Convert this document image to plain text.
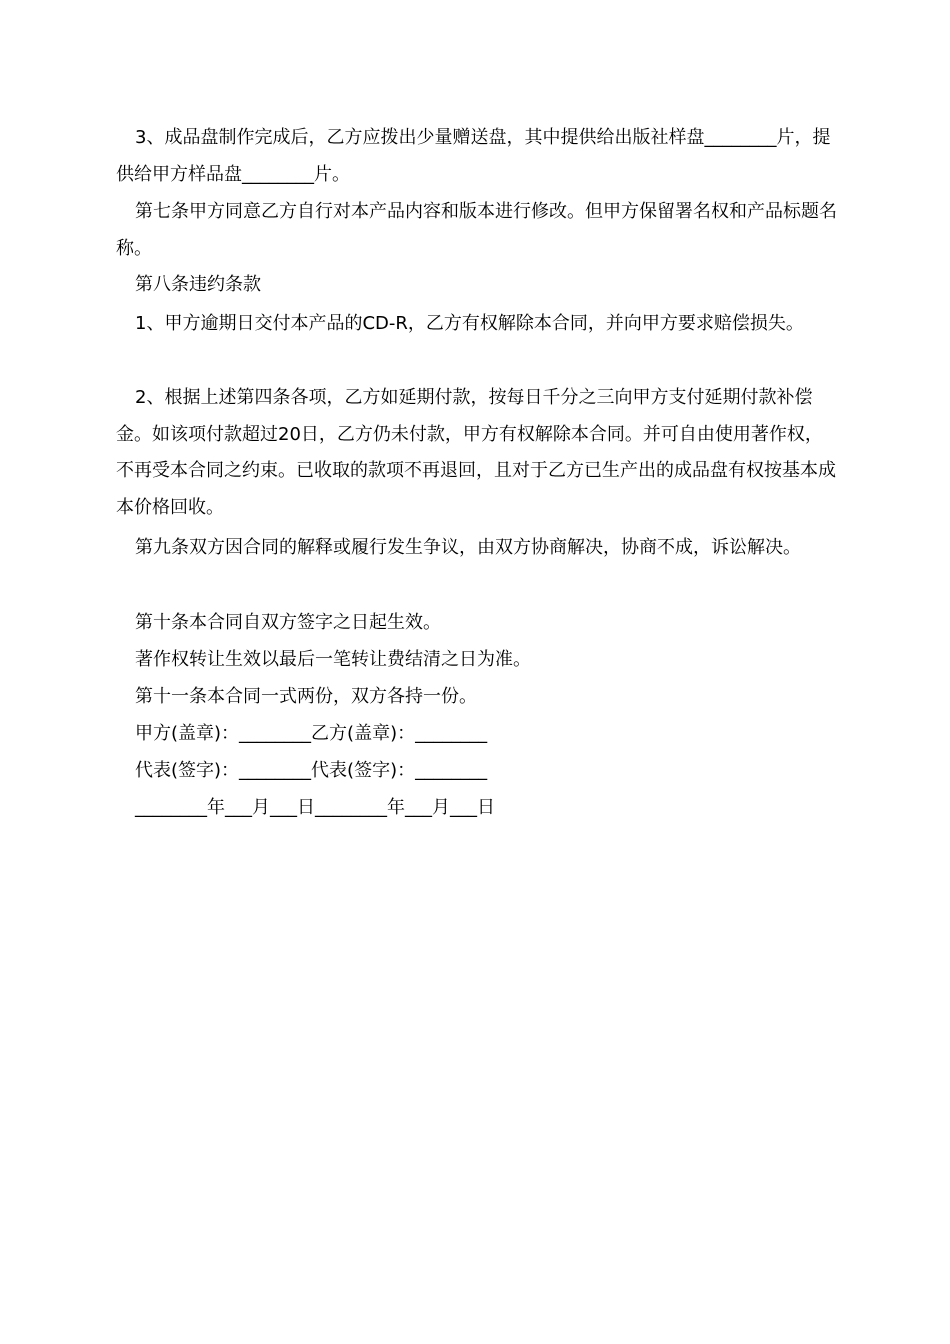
3、成品盘制作完成后，乙方应拨出少量赠送盘，其中提供给出版社样盘________片，提供给甲方样品盘________片。

第七条甲方同意乙方自行对本产品内容和版本进行修改。但甲方保留署名权和产品标题名称。

第八条违约条款

1、甲方逾期日交付本产品的CD-R，乙方有权解除本合同，并向甲方要求赔偿损失。

2、根据上述第四条各项，乙方如延期付款，按每日千分之三向甲方支付延期付款补偿金。如该项付款超过20日，乙方仍未付款，甲方有权解除本合同。并可自由使用著作权，不再受本合同之约束。已收取的款项不再退回，且对于乙方已生产出的成品盘有权按基本成本价格回收。

第九条双方因合同的解释或履行发生争议，由双方协商解决，协商不成，诉讼解决。

第十条本合同自双方签字之日起生效。

著作权转让生效以最后一笔转让费结清之日为准。

第十一条本合同一式两份，双方各持一份。

甲方(盖章)：________乙方(盖章)：________

代表(签字)：________代表(签字)：________

________年___月___日________年___月___日
